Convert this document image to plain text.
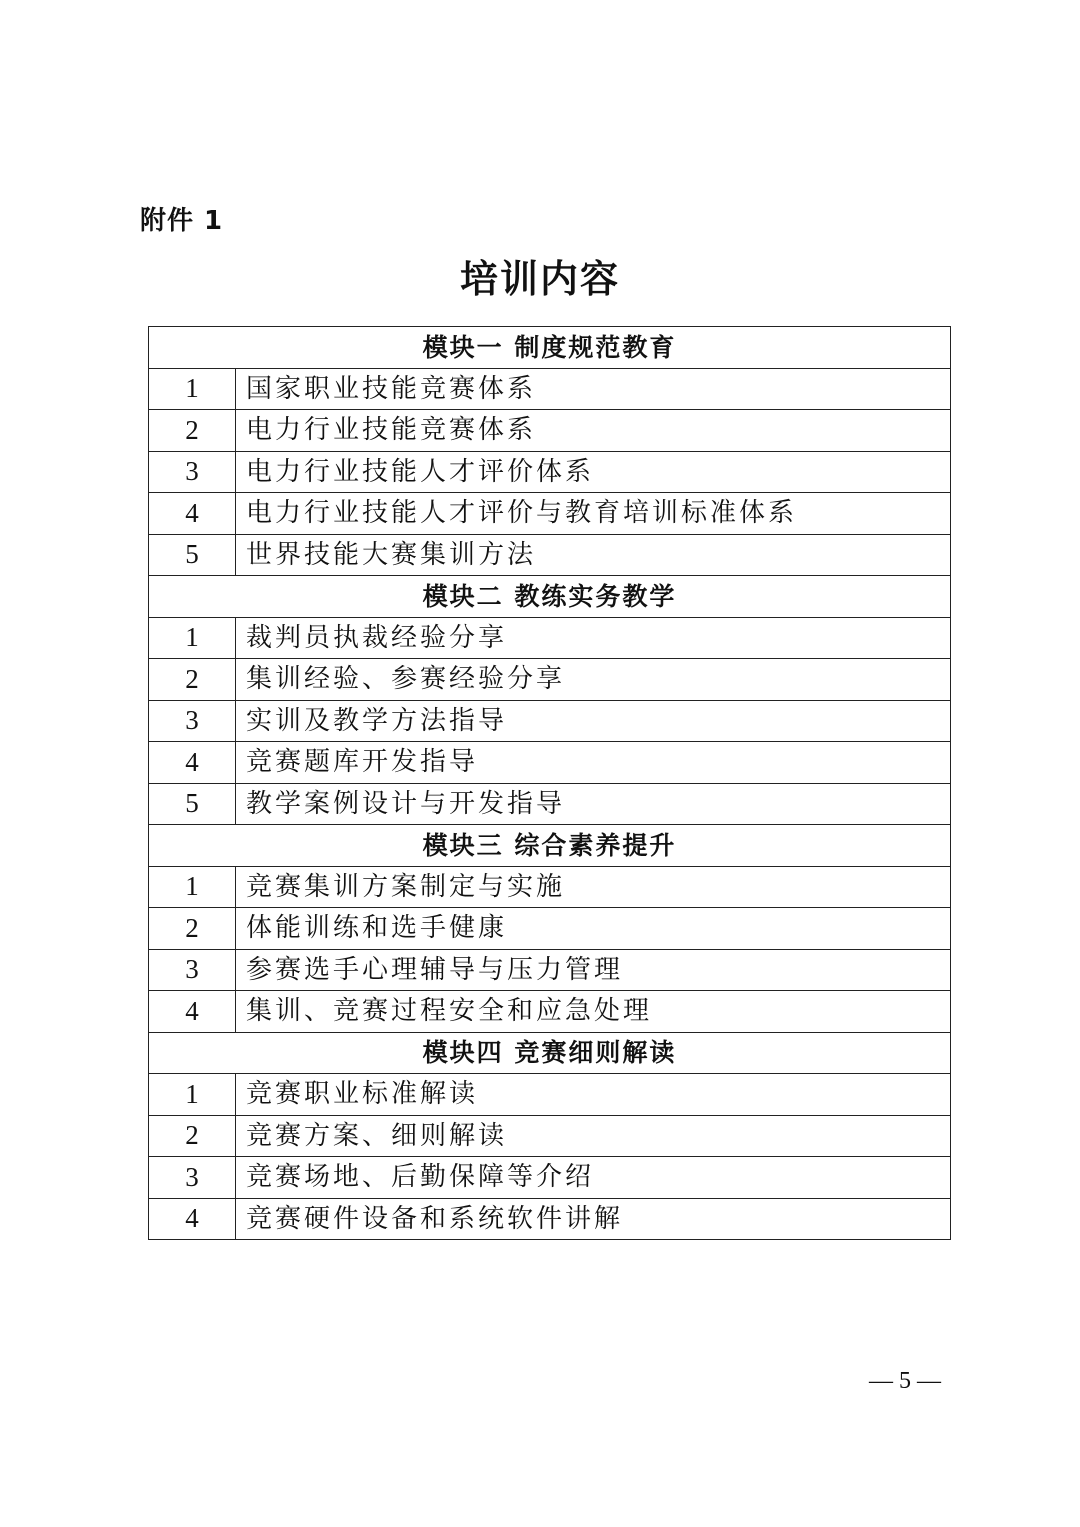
附件 1
培训内容
模块一 制度规范教育	
1	国家职业技能竞赛体系
2	电力行业技能竞赛体系
3	电力行业技能人才评价体系
4	电力行业技能人才评价与教育培训标准体系
5	世界技能大赛集训方法
模块二 教练实务教学	
1	裁判员执裁经验分享
2	集训经验、参赛经验分享
3	实训及教学方法指导
4	竞赛题库开发指导
5	教学案例设计与开发指导
模块三 综合素养提升	
1	竞赛集训方案制定与实施
2	体能训练和选手健康
3	参赛选手心理辅导与压力管理
4	集训、竞赛过程安全和应急处理
模块四 竞赛细则解读	
1	竞赛职业标准解读
2	竞赛方案、细则解读
3	竞赛场地、后勤保障等介绍
4	竞赛硬件设备和系统软件讲解
— 5 —
